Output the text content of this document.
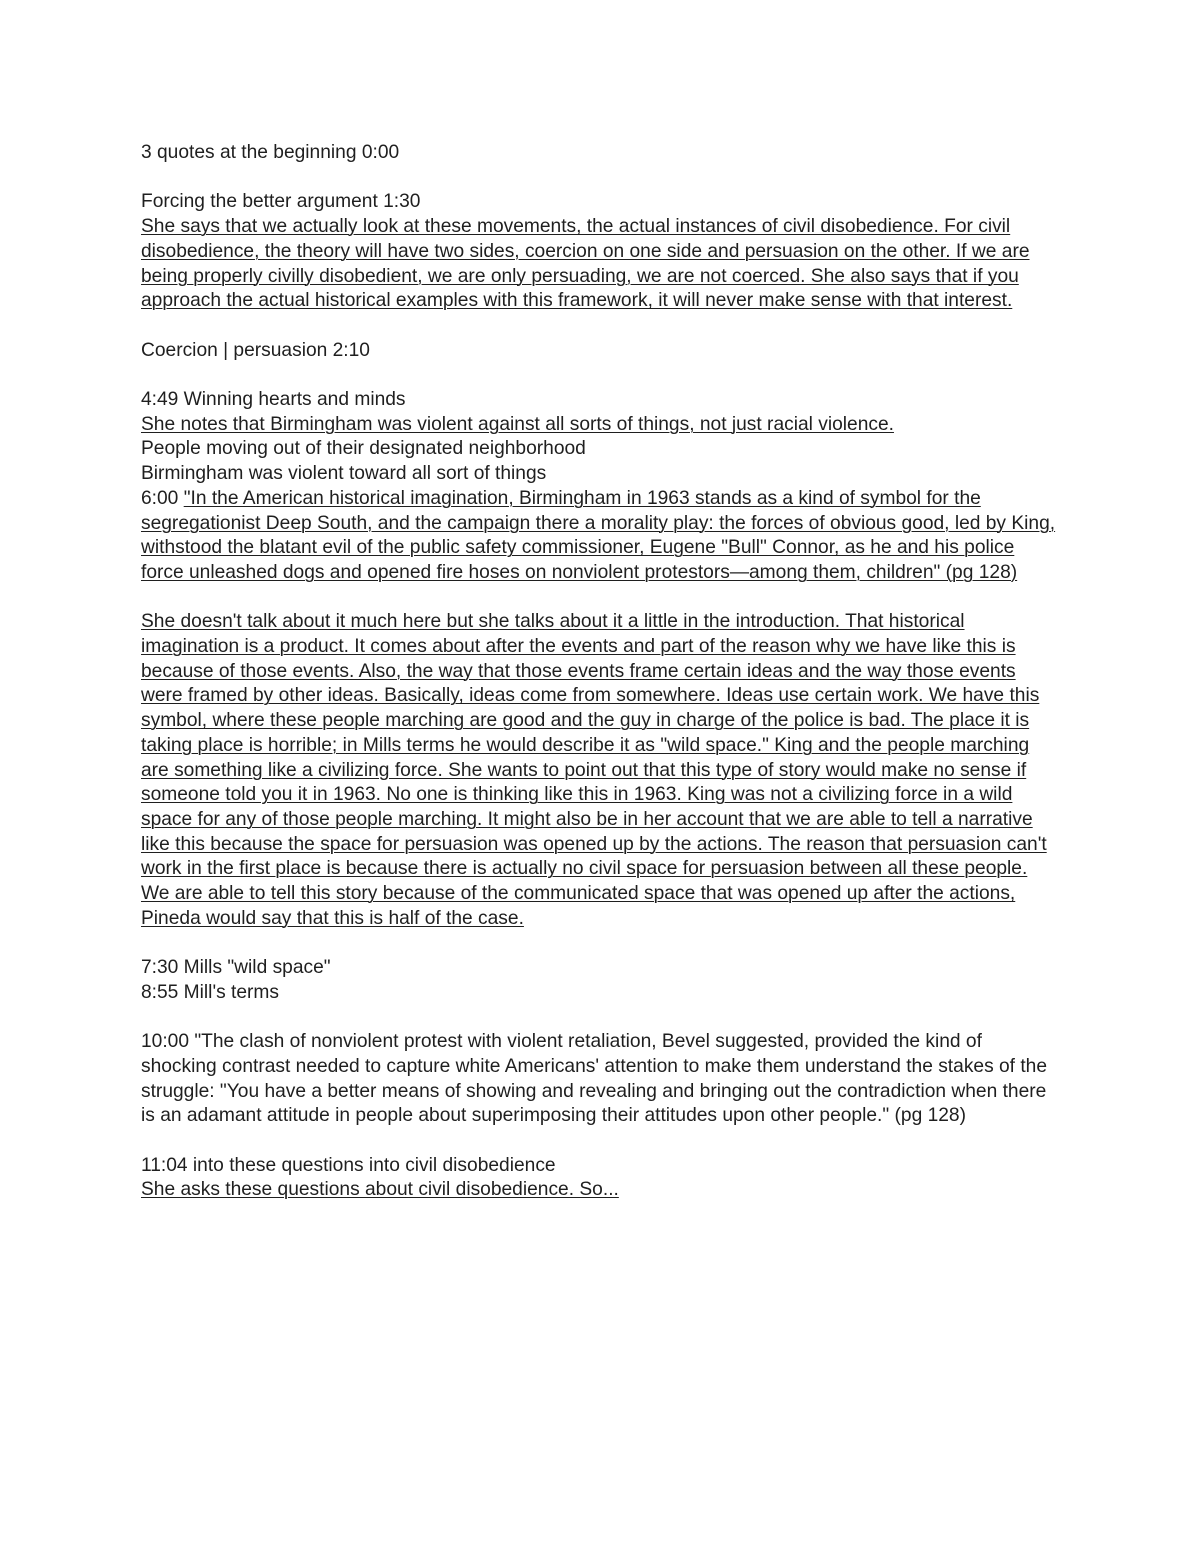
3 quotes at the beginning 0:00

Forcing the better argument 1:30

She says that we actually look at these movements, the actual instances of civil disobedience. For civil disobedience, the theory will have two sides, coercion on one side and persuasion on the other. If we are being properly civilly disobedient, we are only persuading, we are not coerced. She also says that if you approach the actual historical examples with this framework, it will never make sense with that interest.

Coercion | persuasion 2:10

4:49 Winning hearts and minds

She notes that Birmingham was violent against all sorts of things, not just racial violence.

People moving out of their designated neighborhood

Birmingham was violent toward all sort of things

6:00 "In the American historical imagination, Birmingham in 1963 stands as a kind of symbol for the segregationist Deep South, and the campaign there a morality play: the forces of obvious good, led by King, withstood the blatant evil of the public safety commissioner, Eugene "Bull" Connor, as he and his police force unleashed dogs and opened fire hoses on nonviolent protestors—among them, children" (pg 128)

She doesn't talk about it much here but she talks about it a little in the introduction. That historical imagination is a product. It comes about after the events and part of the reason why we have like this is because of those events. Also, the way that those events frame certain ideas and the way those events were framed by other ideas. Basically, ideas come from somewhere. Ideas use certain work. We have this symbol, where these people marching are good and the guy in charge of the police is bad. The place it is taking place is horrible; in Mills terms he would describe it as "wild space." King and the people marching are something like a civilizing force. She wants to point out that this type of story would make no sense if someone told you it in 1963. No one is thinking like this in 1963. King was not a civilizing force in a wild space for any of those people marching. It might also be in her account that we are able to tell a narrative like this because the space for persuasion was opened up by the actions. The reason that persuasion can't work in the first place is because there is actually no civil space for persuasion between all these people. We are able to tell this story because of the communicated space that was opened up after the actions, Pineda would say that this is half of the case.

7:30 Mills "wild space"

8:55 Mill's terms

10:00 "The clash of nonviolent protest with violent retaliation, Bevel suggested, provided the kind of shocking contrast needed to capture white Americans' attention to make them understand the stakes of the struggle: "You have a better means of showing and revealing and bringing out the contradiction when there is an adamant attitude in people about superimposing their attitudes upon other people." (pg 128)

11:04 into these questions into civil disobedience

She asks these questions about civil disobedience. So...
